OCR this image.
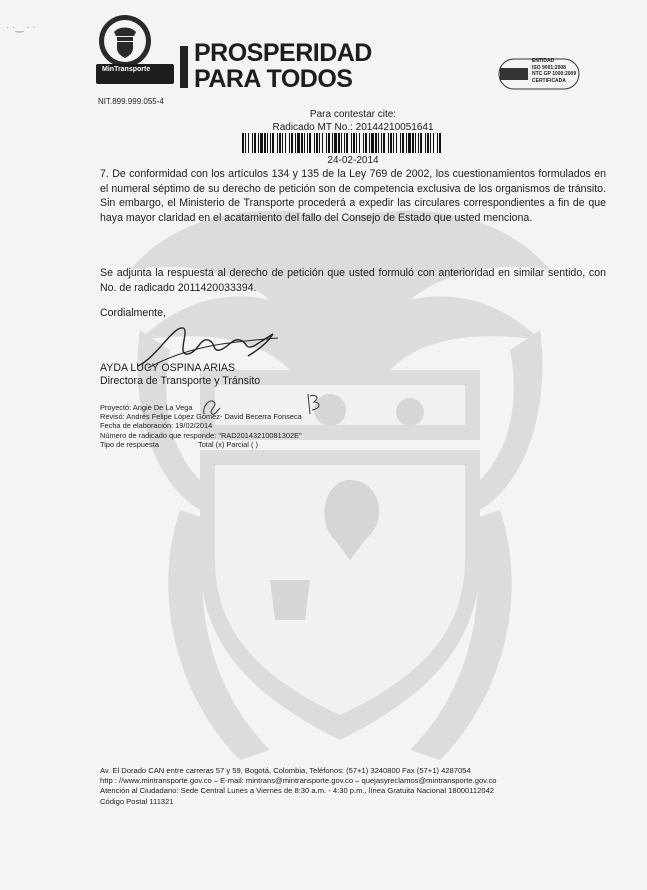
· ·‿ · ·
MinTransporte
PROSPERIDAD
PARA TODOS
ENTIDAD
ISO 9001:2008
NTC GP 1000:2009
CERTIFICADA
NIT.899.999.055-4
Para contestar cite:
Radicado MT No.: 20144210051641
24-02-2014
7. De conformidad con los artículos 134 y 135 de la Ley 769 de 2002, los cuestionamientos formulados en el numeral séptimo de su derecho de petición son de competencia exclusiva de los organismos de tránsito. Sin embargo, el Ministerio de Transporte procederá a expedir las circulares correspondientes a fin de que haya mayor claridad en el acatamiento del fallo del Consejo de Estado que usted menciona.
Se adjunta la respuesta al derecho de petición que usted formuló con anterioridad en similar sentido, con No. de radicado 2011420033394.
Cordialmente,
AYDA LUCY OSPINA ARIAS
Directora de Transporte y Tránsito
Proyectó: Angie De La Vega
Revisó: Andrés Felipe López Gómez- David Becerra Fonseca
Fecha de elaboración: 19/02/2014
Número de radicado que responde: "RAD20143210081302E"
Tipo de respuesta	Total (x) Parcial ( )
Av. El Dorado CAN entre carreras 57 y 59, Bogotá, Colombia, Teléfonos: (57+1) 3240800 Fax (57+1) 4287054
http : //www.mintransporte.gov.co – E-mail: mintrans@mintransporte.gov.co – quejasyreclamos@mintransporte.gov.co
Atención al Ciudadano: Sede Central Lunes a Viernes de 8:30 a.m. - 4:30 p.m., línea Gratuita Nacional 18000112042
Código Postal 111321
